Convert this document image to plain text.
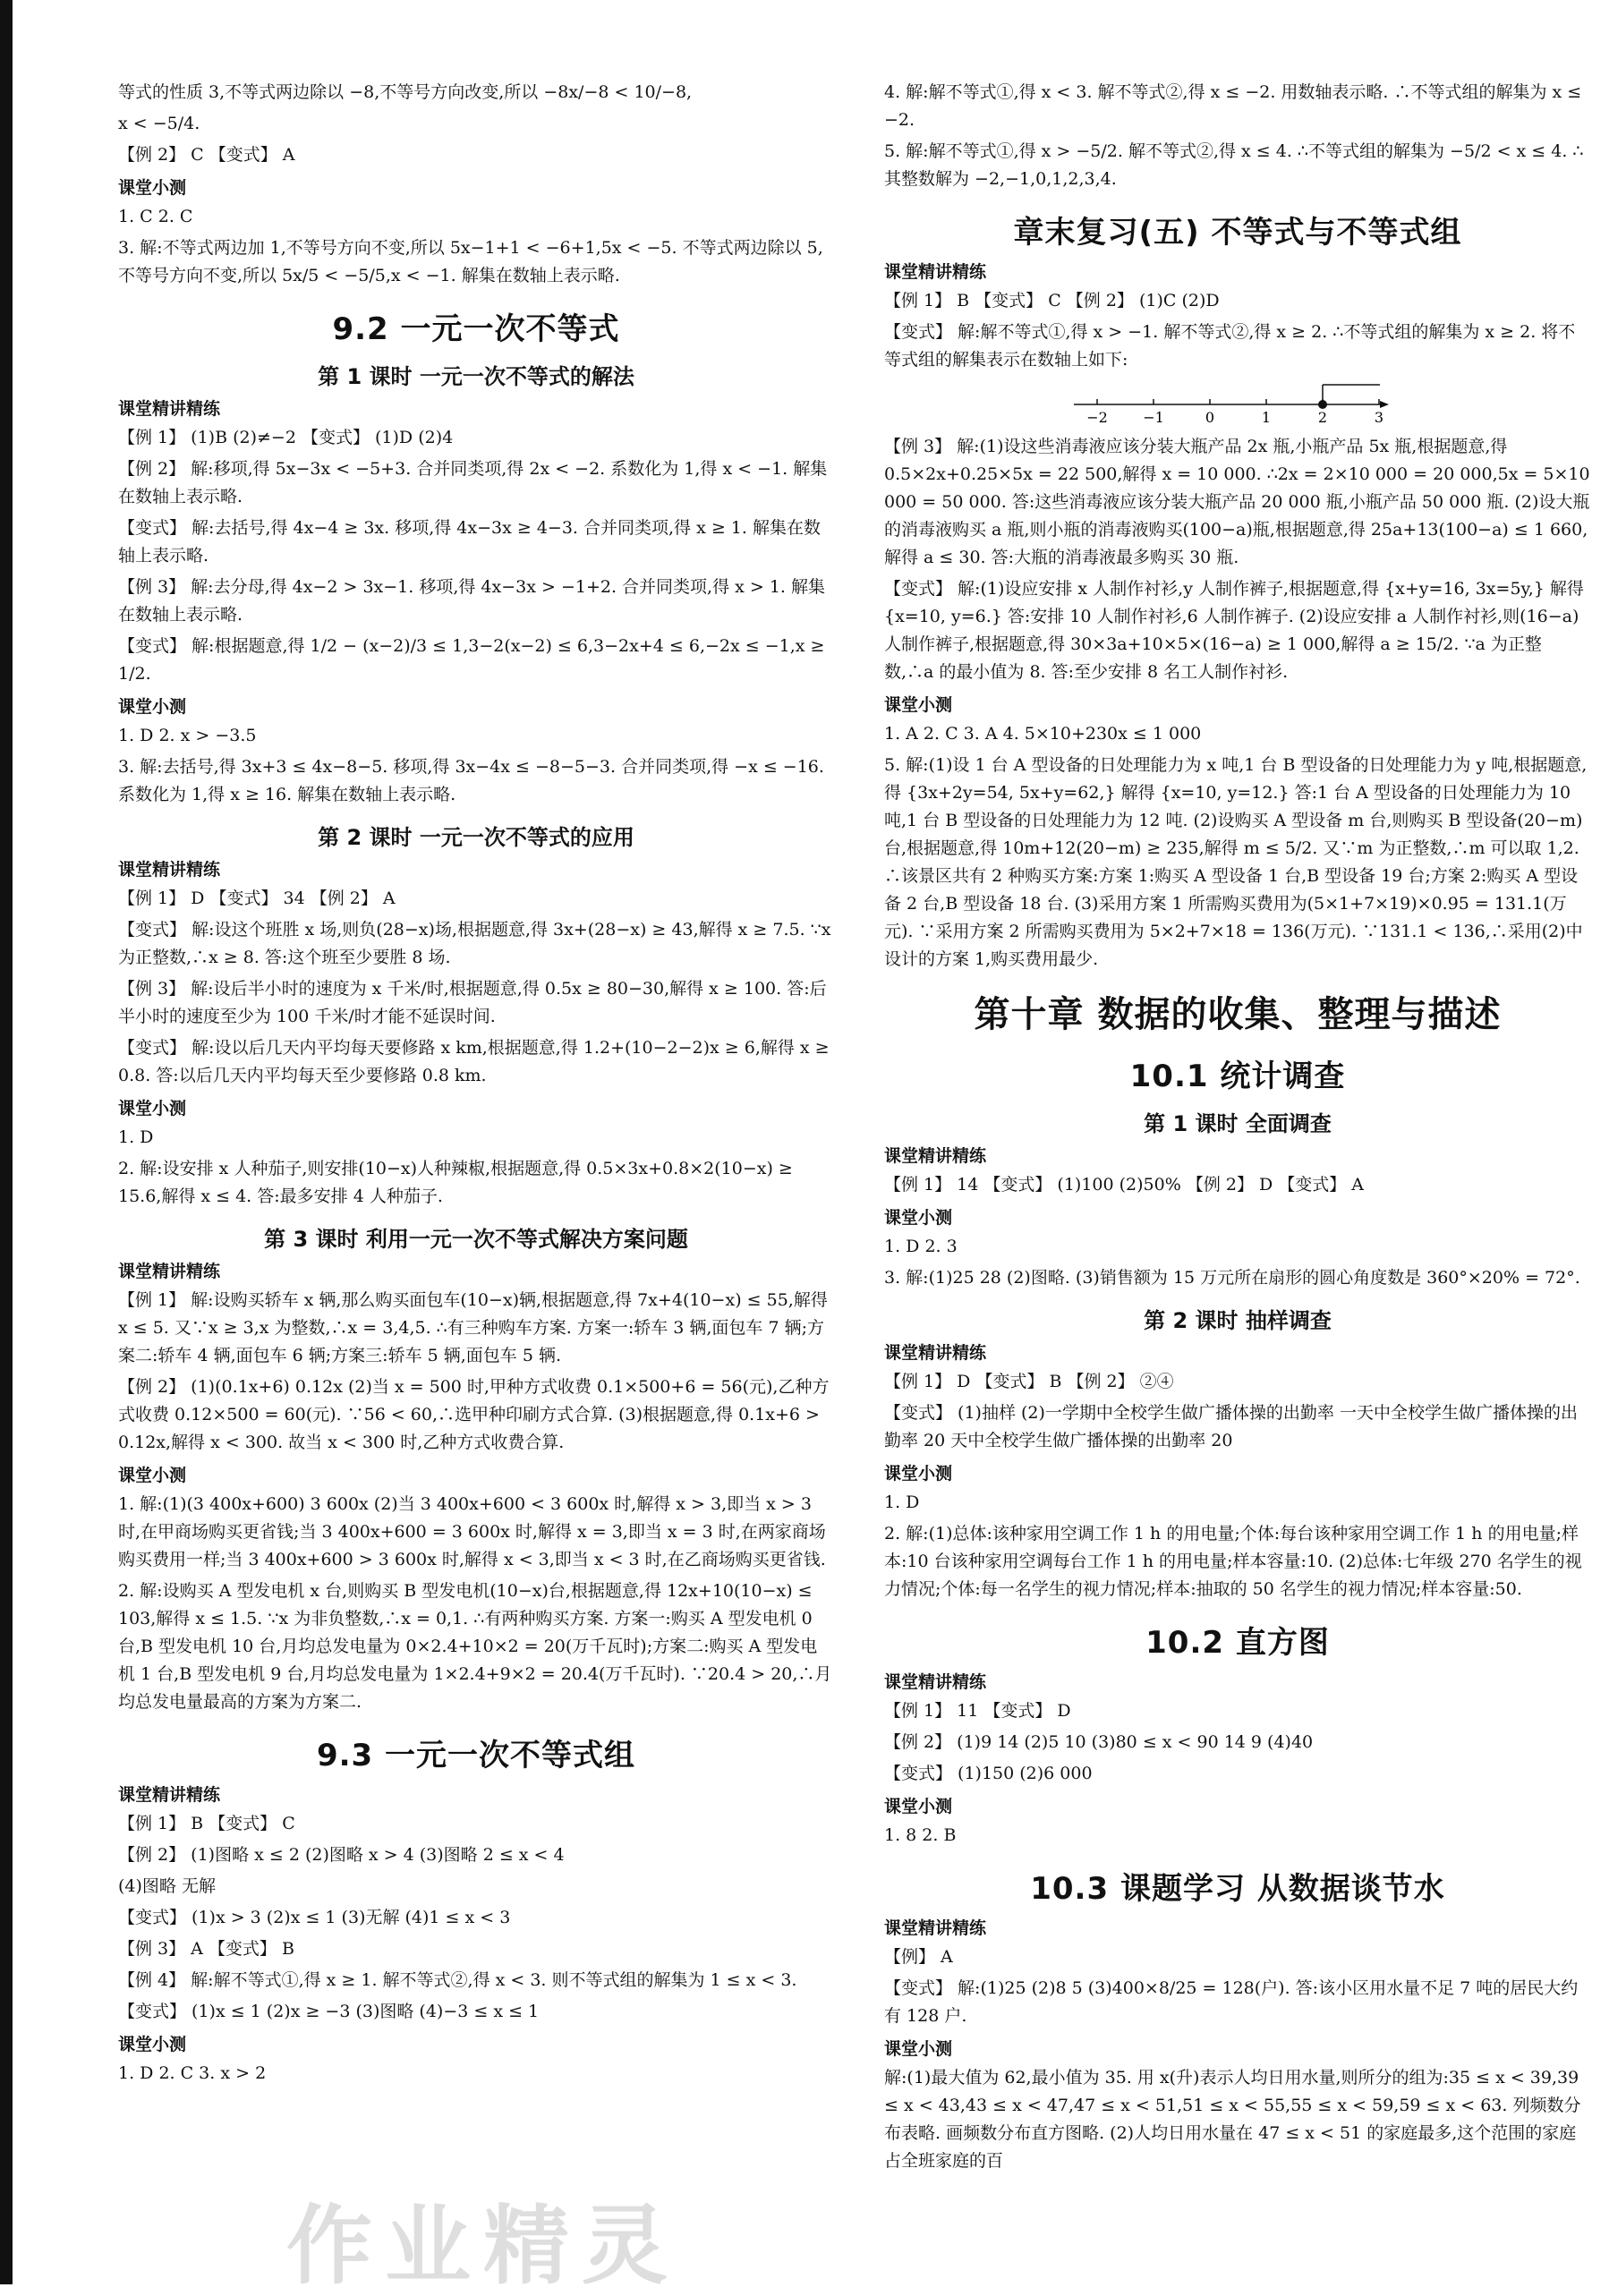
等式的性质 3,不等式两边除以 −8,不等号方向改变,所以 −8x/−8 < 10/−8,

x < −5/4.

【例 2】 C 【变式】 A

课堂小测

1. C 2. C

3. 解:不等式两边加 1,不等号方向不变,所以 5x−1+1 < −6+1,5x < −5. 不等式两边除以 5,不等号方向不变,所以 5x/5 < −5/5,x < −1. 解集在数轴上表示略.

9.2 一元一次不等式
第 1 课时 一元一次不等式的解法
课堂精讲精练

【例 1】 (1)B (2)≠−2 【变式】 (1)D (2)4

【例 2】 解:移项,得 5x−3x < −5+3. 合并同类项,得 2x < −2. 系数化为 1,得 x < −1. 解集在数轴上表示略.

【变式】 解:去括号,得 4x−4 ≥ 3x. 移项,得 4x−3x ≥ 4−3. 合并同类项,得 x ≥ 1. 解集在数轴上表示略.

【例 3】 解:去分母,得 4x−2 > 3x−1. 移项,得 4x−3x > −1+2. 合并同类项,得 x > 1. 解集在数轴上表示略.

【变式】 解:根据题意,得 1/2 − (x−2)/3 ≤ 1,3−2(x−2) ≤ 6,3−2x+4 ≤ 6,−2x ≤ −1,x ≥ 1/2.

课堂小测

1. D 2. x > −3.5

3. 解:去括号,得 3x+3 ≤ 4x−8−5. 移项,得 3x−4x ≤ −8−5−3. 合并同类项,得 −x ≤ −16. 系数化为 1,得 x ≥ 16. 解集在数轴上表示略.

第 2 课时 一元一次不等式的应用
课堂精讲精练

【例 1】 D 【变式】 34 【例 2】 A

【变式】 解:设这个班胜 x 场,则负(28−x)场,根据题意,得 3x+(28−x) ≥ 43,解得 x ≥ 7.5. ∵x 为正整数,∴x ≥ 8. 答:这个班至少要胜 8 场.

【例 3】 解:设后半小时的速度为 x 千米/时,根据题意,得 0.5x ≥ 80−30,解得 x ≥ 100. 答:后半小时的速度至少为 100 千米/时才能不延误时间.

【变式】 解:设以后几天内平均每天要修路 x km,根据题意,得 1.2+(10−2−2)x ≥ 6,解得 x ≥ 0.8. 答:以后几天内平均每天至少要修路 0.8 km.

课堂小测

1. D

2. 解:设安排 x 人种茄子,则安排(10−x)人种辣椒,根据题意,得 0.5×3x+0.8×2(10−x) ≥ 15.6,解得 x ≤ 4. 答:最多安排 4 人种茄子.

第 3 课时 利用一元一次不等式解决方案问题
课堂精讲精练

【例 1】 解:设购买轿车 x 辆,那么购买面包车(10−x)辆,根据题意,得 7x+4(10−x) ≤ 55,解得 x ≤ 5. 又∵x ≥ 3,x 为整数,∴x = 3,4,5. ∴有三种购车方案. 方案一:轿车 3 辆,面包车 7 辆;方案二:轿车 4 辆,面包车 6 辆;方案三:轿车 5 辆,面包车 5 辆.

【例 2】 (1)(0.1x+6) 0.12x (2)当 x = 500 时,甲种方式收费 0.1×500+6 = 56(元),乙种方式收费 0.12×500 = 60(元). ∵56 < 60,∴选甲种印刷方式合算. (3)根据题意,得 0.1x+6 > 0.12x,解得 x < 300. 故当 x < 300 时,乙种方式收费合算.

课堂小测

1. 解:(1)(3 400x+600) 3 600x (2)当 3 400x+600 < 3 600x 时,解得 x > 3,即当 x > 3 时,在甲商场购买更省钱;当 3 400x+600 = 3 600x 时,解得 x = 3,即当 x = 3 时,在两家商场购买费用一样;当 3 400x+600 > 3 600x 时,解得 x < 3,即当 x < 3 时,在乙商场购买更省钱.

2. 解:设购买 A 型发电机 x 台,则购买 B 型发电机(10−x)台,根据题意,得 12x+10(10−x) ≤ 103,解得 x ≤ 1.5. ∵x 为非负整数,∴x = 0,1. ∴有两种购买方案. 方案一:购买 A 型发电机 0 台,B 型发电机 10 台,月均总发电量为 0×2.4+10×2 = 20(万千瓦时);方案二:购买 A 型发电机 1 台,B 型发电机 9 台,月均总发电量为 1×2.4+9×2 = 20.4(万千瓦时). ∵20.4 > 20,∴月均总发电量最高的方案为方案二.

9.3 一元一次不等式组
课堂精讲精练

【例 1】 B 【变式】 C

【例 2】 (1)图略 x ≤ 2 (2)图略 x > 4 (3)图略 2 ≤ x < 4

(4)图略 无解

【变式】 (1)x > 3 (2)x ≤ 1 (3)无解 (4)1 ≤ x < 3

【例 3】 A 【变式】 B

【例 4】 解:解不等式①,得 x ≥ 1. 解不等式②,得 x < 3. 则不等式组的解集为 1 ≤ x < 3.

【变式】 (1)x ≤ 1 (2)x ≥ −3 (3)图略 (4)−3 ≤ x ≤ 1

课堂小测

1. D 2. C 3. x > 2

4. 解:解不等式①,得 x < 3. 解不等式②,得 x ≤ −2. 用数轴表示略. ∴不等式组的解集为 x ≤ −2.

5. 解:解不等式①,得 x > −5/2. 解不等式②,得 x ≤ 4. ∴不等式组的解集为 −5/2 < x ≤ 4. ∴其整数解为 −2,−1,0,1,2,3,4.

章末复习(五) 不等式与不等式组
课堂精讲精练

【例 1】 B 【变式】 C 【例 2】 (1)C (2)D

【变式】 解:解不等式①,得 x > −1. 解不等式②,得 x ≥ 2. ∴不等式组的解集为 x ≥ 2. 将不等式组的解集表示在数轴上如下:

−2 −1	0	1	2	3

【例 3】 解:(1)设这些消毒液应该分装大瓶产品 2x 瓶,小瓶产品 5x 瓶,根据题意,得 0.5×2x+0.25×5x = 22 500,解得 x = 10 000. ∴2x = 2×10 000 = 20 000,5x = 5×10 000 = 50 000. 答:这些消毒液应该分装大瓶产品 20 000 瓶,小瓶产品 50 000 瓶. (2)设大瓶的消毒液购买 a 瓶,则小瓶的消毒液购买(100−a)瓶,根据题意,得 25a+13(100−a) ≤ 1 660,解得 a ≤ 30. 答:大瓶的消毒液最多购买 30 瓶.

【变式】 解:(1)设应安排 x 人制作衬衫,y 人制作裤子,根据题意,得 {x+y=16, 3x=5y,} 解得 {x=10, y=6.} 答:安排 10 人制作衬衫,6 人制作裤子. (2)设应安排 a 人制作衬衫,则(16−a)人制作裤子,根据题意,得 30×3a+10×5×(16−a) ≥ 1 000,解得 a ≥ 15/2. ∵a 为正整数,∴a 的最小值为 8. 答:至少安排 8 名工人制作衬衫.

课堂小测

1. A 2. C 3. A 4. 5×10+230x ≤ 1 000

5. 解:(1)设 1 台 A 型设备的日处理能力为 x 吨,1 台 B 型设备的日处理能力为 y 吨,根据题意,得 {3x+2y=54, 5x+y=62,} 解得 {x=10, y=12.} 答:1 台 A 型设备的日处理能力为 10 吨,1 台 B 型设备的日处理能力为 12 吨. (2)设购买 A 型设备 m 台,则购买 B 型设备(20−m)台,根据题意,得 10m+12(20−m) ≥ 235,解得 m ≤ 5/2. 又∵m 为正整数,∴m 可以取 1,2. ∴该景区共有 2 种购买方案:方案 1:购买 A 型设备 1 台,B 型设备 19 台;方案 2:购买 A 型设备 2 台,B 型设备 18 台. (3)采用方案 1 所需购买费用为(5×1+7×19)×0.95 = 131.1(万元). ∵采用方案 2 所需购买费用为 5×2+7×18 = 136(万元). ∵131.1 < 136,∴采用(2)中设计的方案 1,购买费用最少.

第十章 数据的收集、整理与描述
10.1 统计调查
第 1 课时 全面调查
课堂精讲精练

【例 1】 14 【变式】 (1)100 (2)50% 【例 2】 D 【变式】 A

课堂小测

1. D 2. 3

3. 解:(1)25 28 (2)图略. (3)销售额为 15 万元所在扇形的圆心角度数是 360°×20% = 72°.

第 2 课时 抽样调查
课堂精讲精练

【例 1】 D 【变式】 B 【例 2】 ②④

【变式】 (1)抽样 (2)一学期中全校学生做广播体操的出勤率 一天中全校学生做广播体操的出勤率 20 天中全校学生做广播体操的出勤率 20

课堂小测

1. D

2. 解:(1)总体:该种家用空调工作 1 h 的用电量;个体:每台该种家用空调工作 1 h 的用电量;样本:10 台该种家用空调每台工作 1 h 的用电量;样本容量:10. (2)总体:七年级 270 名学生的视力情况;个体:每一名学生的视力情况;样本:抽取的 50 名学生的视力情况;样本容量:50.

10.2 直方图
课堂精讲精练

【例 1】 11 【变式】 D

【例 2】 (1)9 14 (2)5 10 (3)80 ≤ x < 90 14 9 (4)40

【变式】 (1)150 (2)6 000

课堂小测

1. 8 2. B

10.3 课题学习 从数据谈节水
课堂精讲精练

【例】 A

【变式】 解:(1)25 (2)8 5 (3)400×8/25 = 128(户). 答:该小区用水量不足 7 吨的居民大约有 128 户.

课堂小测

解:(1)最大值为 62,最小值为 35. 用 x(升)表示人均日用水量,则所分的组为:35 ≤ x < 39,39 ≤ x < 43,43 ≤ x < 47,47 ≤ x < 51,51 ≤ x < 55,55 ≤ x < 59,59 ≤ x < 63. 列频数分布表略. 画频数分布直方图略. (2)人均日用水量在 47 ≤ x < 51 的家庭最多,这个范围的家庭占全班家庭的百

作业精灵
